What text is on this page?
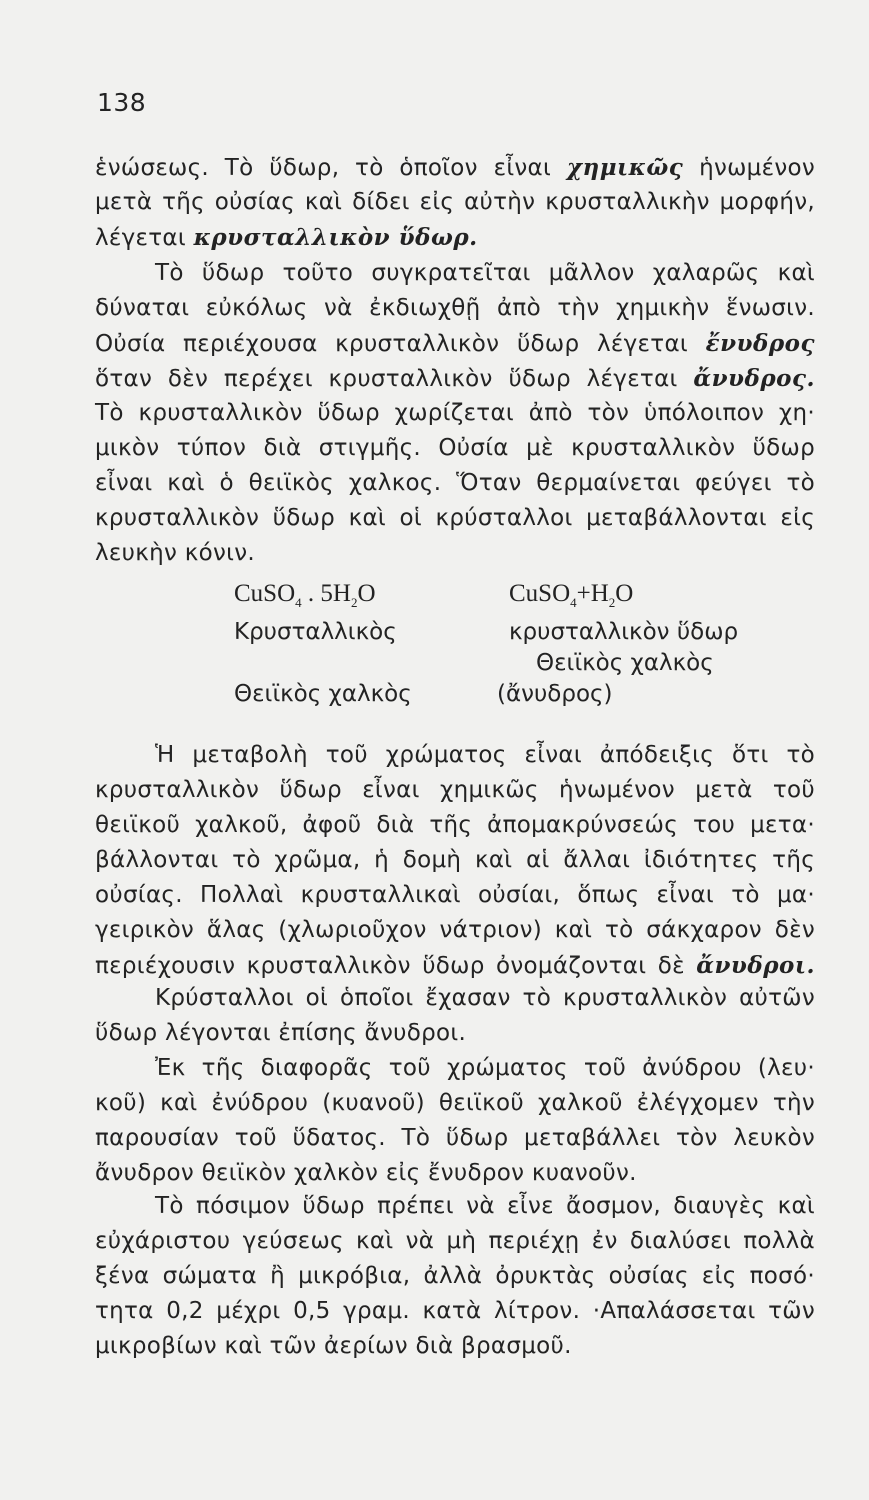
138
ἑνώσεως. Τὸ ὕδωρ, τὸ ὁποῖον εἶναι χημικῶς ἡνωμένον
μετὰ τῆς οὐσίας καὶ δίδει εἰς αὐτὴν κρυσταλλικὴν μορφήν,
λέγεται κρυσταλλικὸν ὕδωρ.
Τὸ ὕδωρ τοῦτο συγκρατεῖται μᾶλλον χαλαρῶς καὶ
δύναται εὐκόλως νὰ ἐκδιωχθῇ ἀπὸ τὴν χημικὴν ἕνωσιν.
Οὐσία περιέχουσα κρυσταλλικὸν ὕδωρ λέγεται ἔνυδρος
ὅταν δὲν περέχει κρυσταλλικὸν ὕδωρ λέγεται ἄνυδρος.
Τὸ κρυσταλλικὸν ὕδωρ χωρίζεται ἀπὸ τὸν ὑπόλοιπον χη·
μικὸν τύπον διὰ στιγμῆς. Οὐσία μὲ κρυσταλλικὸν ὕδωρ
εἶναι καὶ ὁ θειϊκὸς χαλκος. Ὅταν θερμαίνεται φεύγει τὸ
κρυσταλλικὸν ὕδωρ καὶ οἱ κρύσταλλοι μεταβάλλονται εἰς
λευκὴν κόνιν.
CuSO$_4$ . $5H_2O$
Κρυσταλλικὸς
Θειϊκὸς χαλκὸς
$CuSO_4+H_2O$
κρυσταλλικὸν ὕδωρ
Θειϊκὸς χαλκὸς
(ἄνυδρος)
Ἡ μεταβολὴ τοῦ χρώματος εἶναι ἀπόδειξις ὅτι τὸ
κρυσταλλικὸν ὕδωρ εἶναι χημικῶς ἡνωμένον μετὰ τοῦ
θειϊκοῦ χαλκοῦ, ἀφοῦ διὰ τῆς ἀπομακρύνσεώς του μετα·
βάλλονται τὸ χρῶμα, ἡ δομὴ καὶ αἱ ἄλλαι ἰδιότητες τῆς
οὐσίας. Πολλαὶ κρυσταλλικαὶ οὐσίαι, ὅπως εἶναι τὸ μα·
γειρικὸν ἅλας (χλωριοῦχον νάτριον) καὶ τὸ σάκχαρον δὲν
περιέχουσιν κρυσταλλικὸν ὕδωρ ὀνομάζονται δὲ ἄνυδροι.
Κρύσταλλοι οἱ ὁποῖοι ἔχασαν τὸ κρυσταλλικὸν αὐτῶν
ὕδωρ λέγονται ἐπίσης ἄνυδροι.
Ἐκ τῆς διαφορᾶς τοῦ χρώματος τοῦ ἀνύδρου (λευ·
κοῦ) καὶ ἐνύδρου (κυανοῦ) θειϊκοῦ χαλκοῦ ἐλέγχομεν τὴν
παρουσίαν τοῦ ὕδατος. Τὸ ὕδωρ μεταβάλλει τὸν λευκὸν
ἄνυδρον θειϊκὸν χαλκὸν εἰς ἔνυδρον κυανοῦν.
Τὸ πόσιμον ὕδωρ πρέπει νὰ εἶνε ἄοσμον, διαυγὲς καὶ
εὐχάριστου γεύσεως καὶ νὰ μὴ περιέχῃ ἐν διαλύσει πολλὰ
ξένα σώματα ἢ μικρόβια, ἀλλὰ ὀρυκτὰς οὐσίας εἰς ποσό·
τητα 0,2 μέχρι 0,5 γραμ. κατὰ λίτρον. ·Απαλάσσεται τῶν
μικροβίων καὶ τῶν ἀερίων διὰ βρασμοῦ.
